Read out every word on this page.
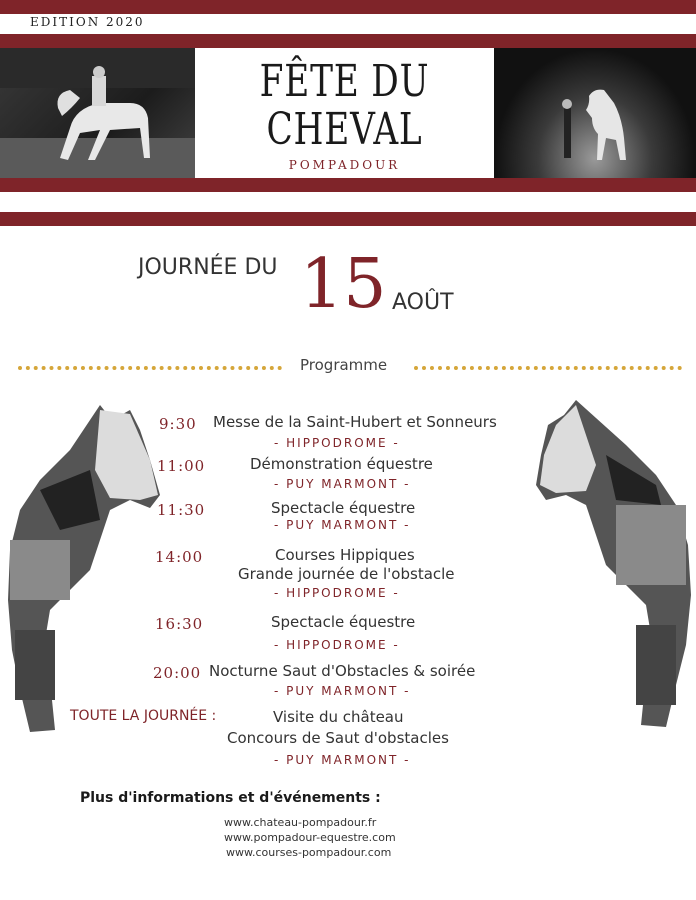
EDITION 2020
FÊTE DU
CHEVAL
POMPADOUR
JOURNÉE DU 15 AOÛT
Programme
9:30 Messe de la Saint-Hubert et Sonneurs
- HIPPODROME -
11:00	Démonstration équestre
- PUY MARMONT -
11:30	Spectacle équestre
- PUY MARMONT -
14:00	Courses Hippiques
Grande journée de l'obstacle
- HIPPODROME -
16:30	Spectacle équestre
- HIPPODROME -
20:00 Nocturne Saut d'Obstacles & soirée
- PUY MARMONT -
TOUTE LA JOURNÉE :	Visite du château
Concours de Saut d'obstacles
- PUY MARMONT -
Plus d'informations et d'événements :
www.chateau-pompadour.fr
www.pompadour-equestre.com
www.courses-pompadour.com
